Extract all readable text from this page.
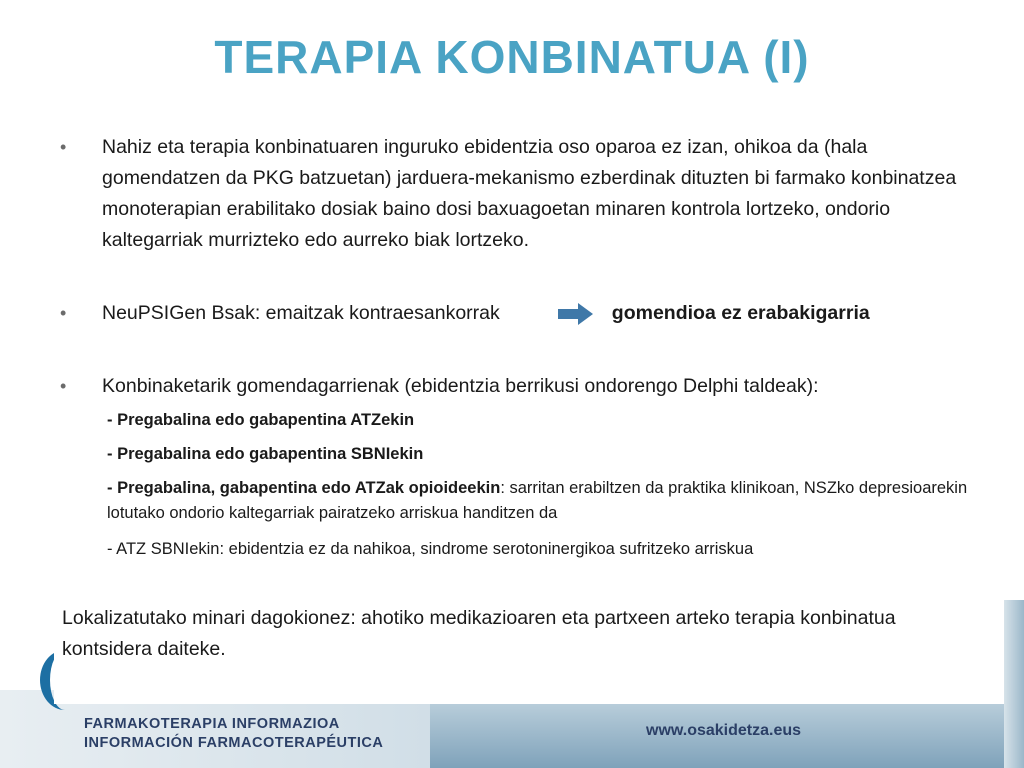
TERAPIA KONBINATUA (I)
• Nahiz eta terapia konbinatuaren inguruko ebidentzia oso oparoa ez izan, ohikoa da (hala gomendatzen da PKG batzuetan) jarduera-mekanismo ezberdinak dituzten bi farmako konbinatzea monoterapian erabilitako dosiak baino dosi baxuagoetan minaren kontrola lortzeko, ondorio kaltegarriak murrizteko edo aurreko biak lortzeko.
• NeuPSIGen Bsak: emaitzak kontraesankorrak	gomendioa ez erabakigarria
• Konbinaketarik gomendagarrienak (ebidentzia berrikusi ondorengo Delphi taldeak):
- Pregabalina edo gabapentina ATZekin
- Pregabalina edo gabapentina SBNIekin
- Pregabalina, gabapentina edo ATZak opioideekin: sarritan erabiltzen da praktika klinikoan, NSZko depresioarekin lotutako ondorio kaltegarriak pairatzeko arriskua handitzen da
- ATZ SBNIekin: ebidentzia ez da nahikoa, sindrome serotoninergikoa sufritzeko arriskua
Lokalizatutako minari dagokionez: ahotiko medikazioaren eta partxeen arteko terapia konbinatua kontsidera daiteke.
FARMAKOTERAPIA INFORMAZIOA
INFORMACIÓN FARMACOTERAPÉUTICA
www.osakidetza.eus
